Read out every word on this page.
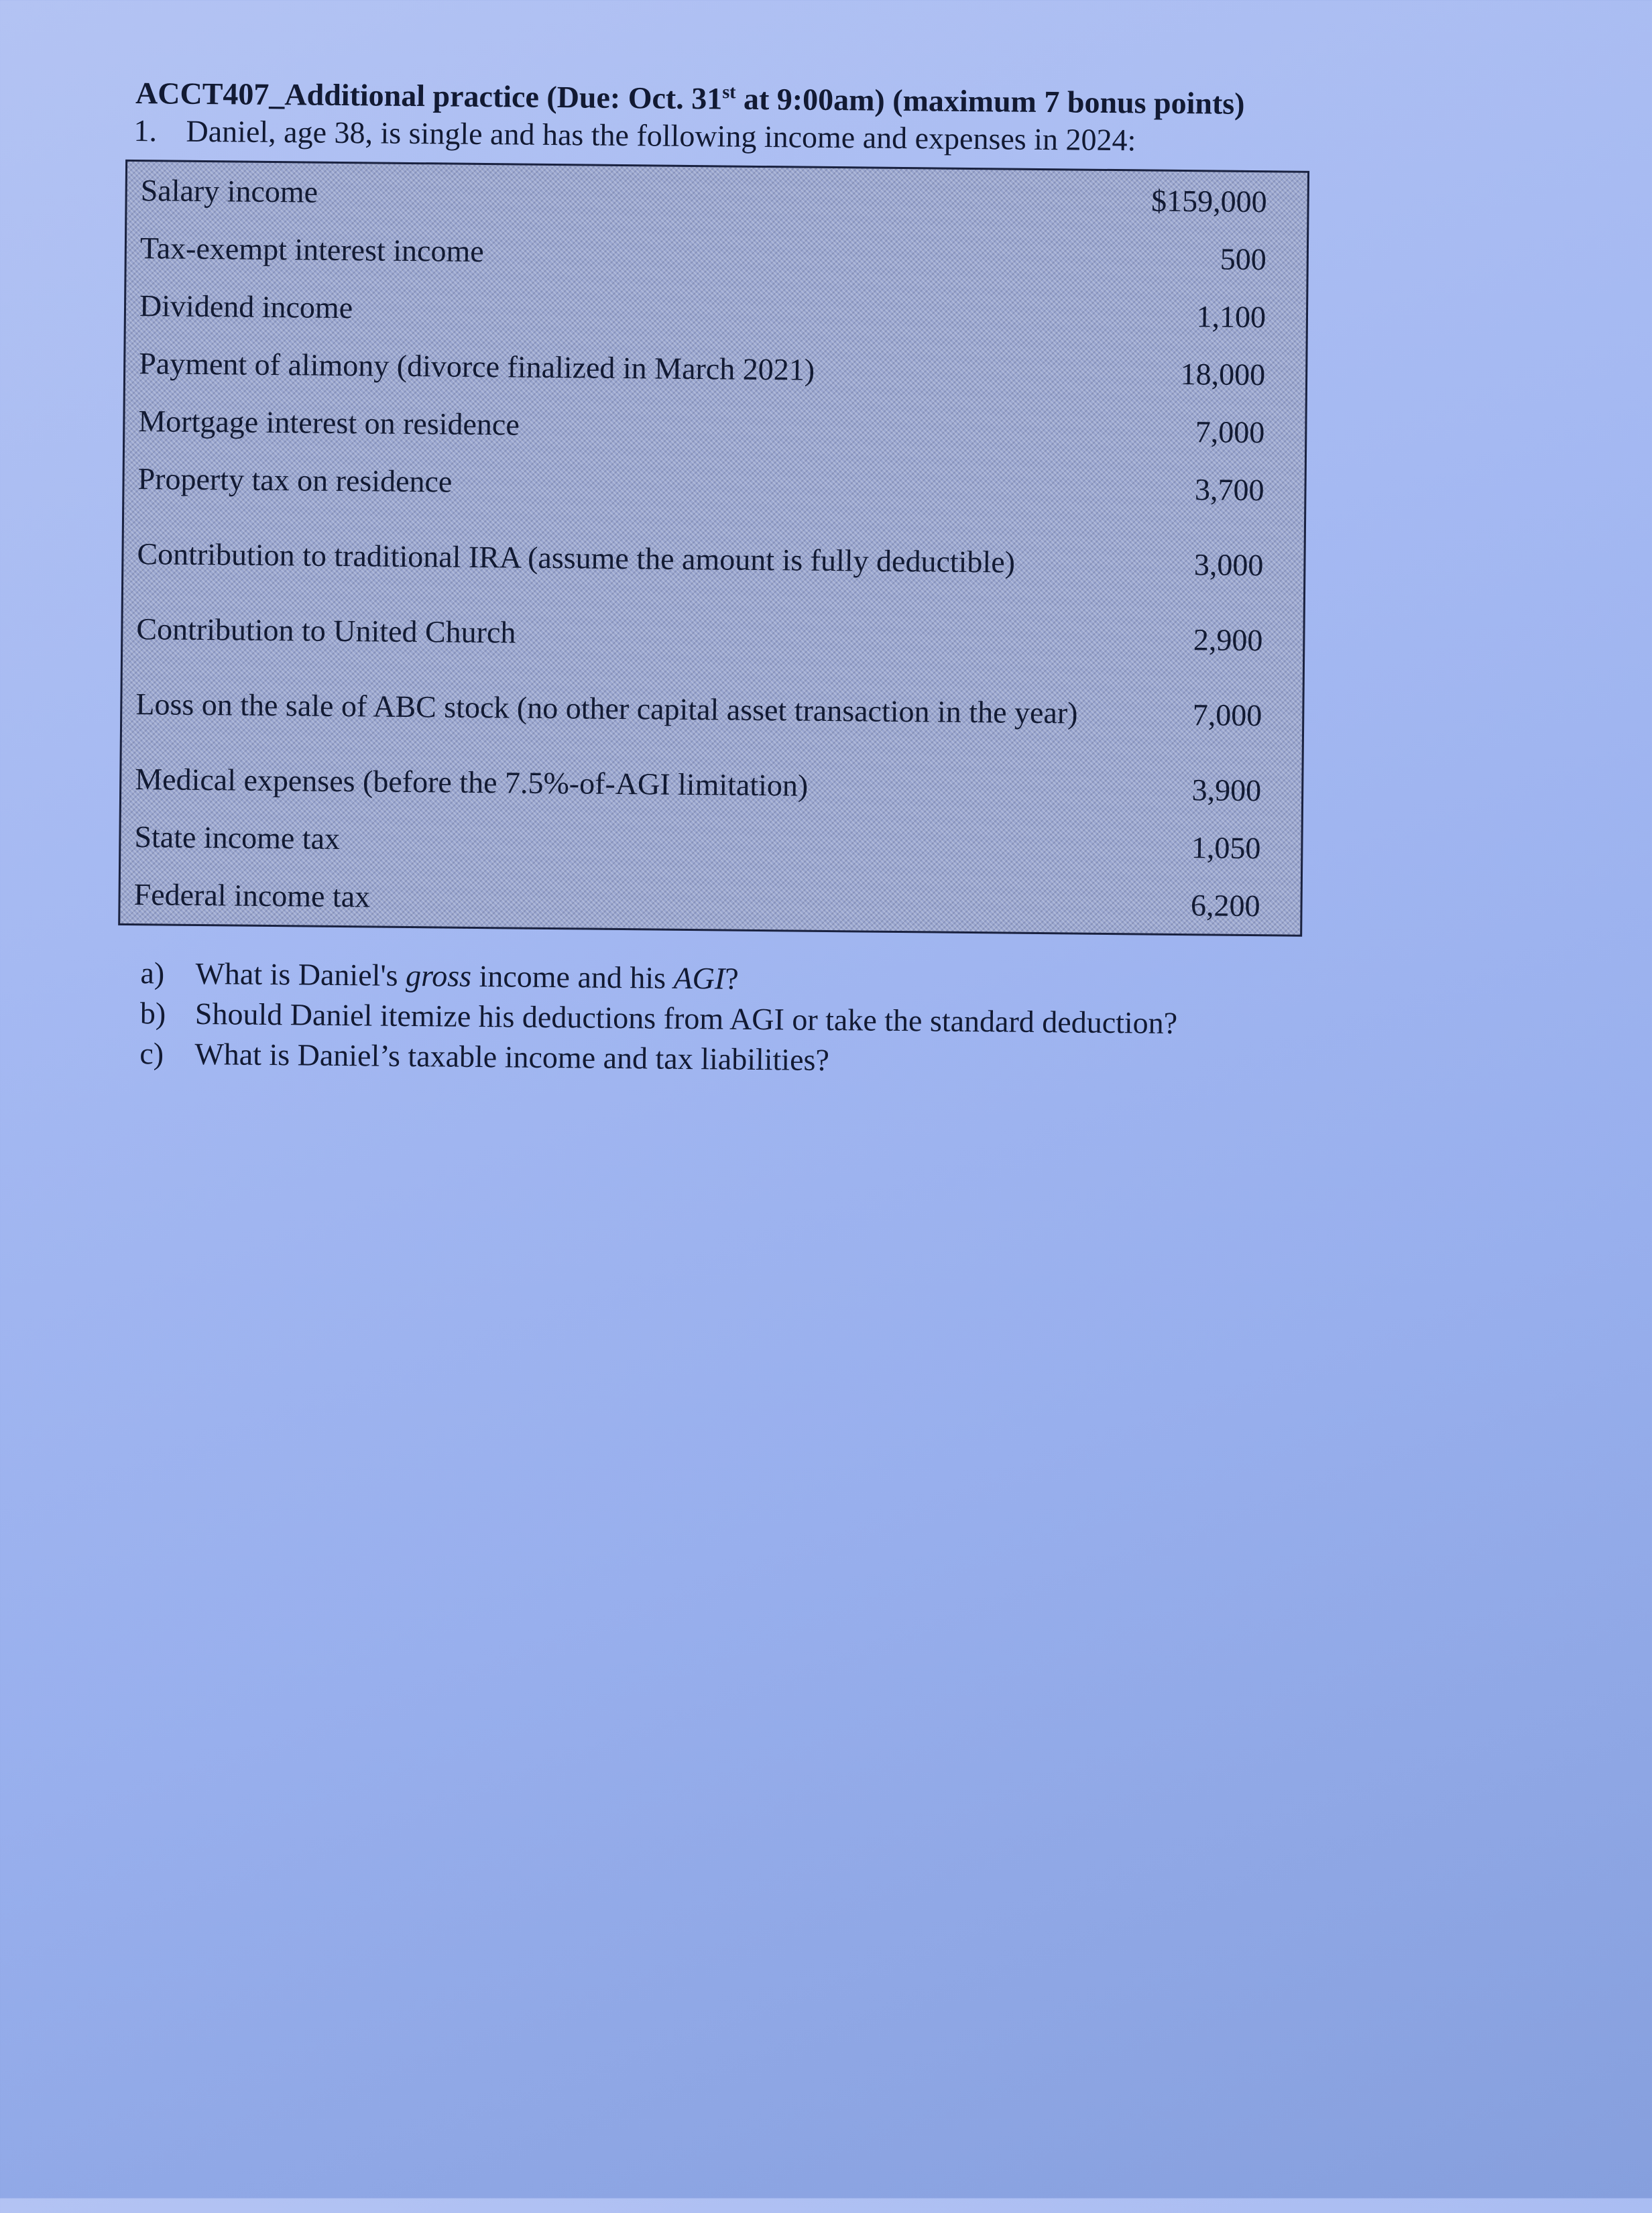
ACCT407_Additional practice (Due: Oct. 31st at 9:00am) (maximum 7 bonus points)

1. Daniel, age 38, is single and has the following income and expenses in 2024:

Salary income	$159,000
Tax-exempt interest income	500
Dividend income	1,100
Payment of alimony (divorce finalized in March 2021)	18,000
Mortgage interest on residence	7,000
Property tax on residence	3,700
Contribution to traditional IRA (assume the amount is fully deductible)	3,000
Contribution to United Church	2,900
Loss on the sale of ABC stock (no other capital asset transaction in the year)	7,000
Medical expenses (before the 7.5%-of-AGI limitation)	3,900
State income tax	1,050
Federal income tax	6,200
a) What is Daniel's gross income and his AGI?
b) Should Daniel itemize his deductions from AGI or take the standard deduction?
c) What is Daniel’s taxable income and tax liabilities?
